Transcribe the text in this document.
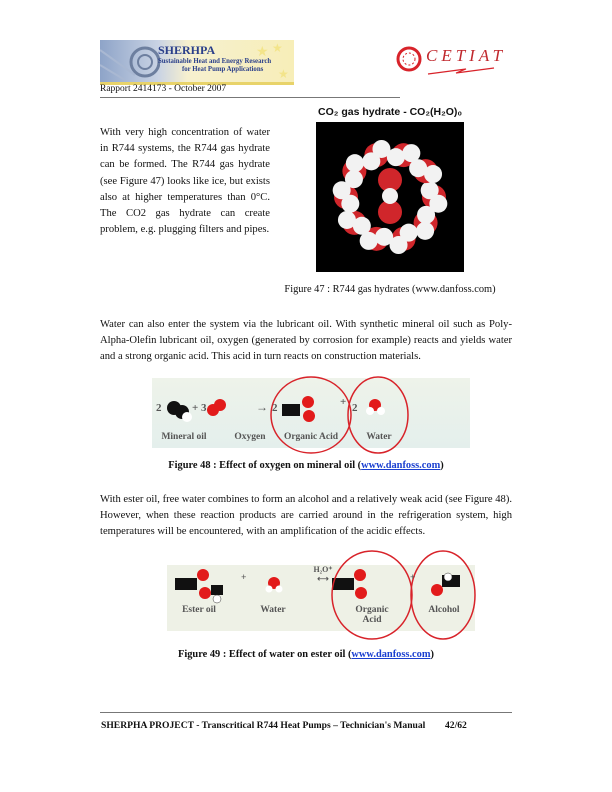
★ ★
★
SHERHPA
Sustainable Heat and Energy Research
for Heat Pump Applications
CETIAT
Rapport 2414173 - October 2007
With very high concentration of water in R744 systems, the R744 gas hydrate can be formed. The R744 gas hydrate (see Figure 47) looks like ice, but exists also at higher temperatures than 0°C. The CO2 gas hydrate can create problem, e.g. plugging filters and pipes.
CO₂ gas hydrate - CO₂(H₂O)₀
Figure 47 : R744 gas hydrates (www.danfoss.com)
Water can also enter the system via the lubricant oil. With synthetic mineral oil such as Poly-Alpha-Olefin lubricant oil, oxygen (generated by corrosion for example) reacts and yields water and a strong organic acid. This acid in turn reacts on construction materials.
2	+ 3	→ 2	+ 2
Mineral oil	Oxygen	Organic Acid	Water
Figure 48 : Effect of oxygen on mineral oil (www.danfoss.com)
With ester oil, free water combines to form an alcohol and a relatively weak acid (see Figure 48). However, when these reaction products are carried around in the refrigeration system, high temperatures will be encountered, with an amplification of the acidic effects.
+
H₂O⁺ ⟷	+
Ester oil	Water	Organic Acid
Alcohol
Figure 49 : Effect of water on ester oil (www.danfoss.com)
SHERPHA PROJECT - Transcritical R744 Heat Pumps – Technician's Manual 42/62
